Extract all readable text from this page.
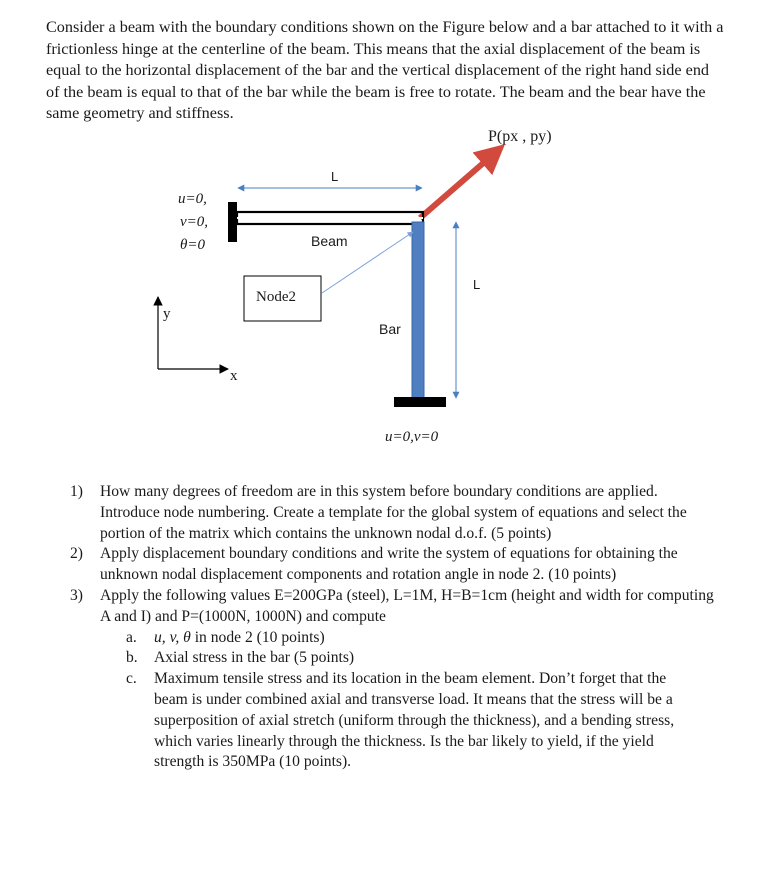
Consider a beam with the boundary conditions shown on the Figure below and a bar attached to it with a frictionless hinge at the centerline of the beam. This means that the axial displacement of the beam is equal to the horizontal displacement of the bar and the vertical displacement of the right hand side end of the beam is equal to that of the bar while the beam is free to rotate. The beam and the bear have the same geometry and stiffness.

P(px , py)
L
u=0,
v=0,
θ=0	Beam
L
Node2
Bar
u=0,v=0
y
x
1)	How many degrees of freedom are in this system before boundary conditions are applied. Introduce node numbering. Create a template for the global system of equations and select the portion of the matrix which contains the unknown nodal d.o.f. (5 points)
2)	Apply displacement boundary conditions and write the system of equations for obtaining the unknown nodal displacement components and rotation angle in node 2. (10 points)
3)	Apply the following values E=200GPa (steel), L=1M, H=B=1cm (height and width for computing A and I) and P=(1000N, 1000N) and compute
a.	u, v, θ in node 2 (10 points)
b.	Axial stress in the bar (5 points)
c.	Maximum tensile stress and its location in the beam element. Don’t forget that the beam is under combined axial and transverse load. It means that the stress will be a superposition of axial stretch (uniform through the thickness), and a bending stress, which varies linearly through the thickness. Is the bar likely to yield, if the yield strength is 350MPa (10 points).
